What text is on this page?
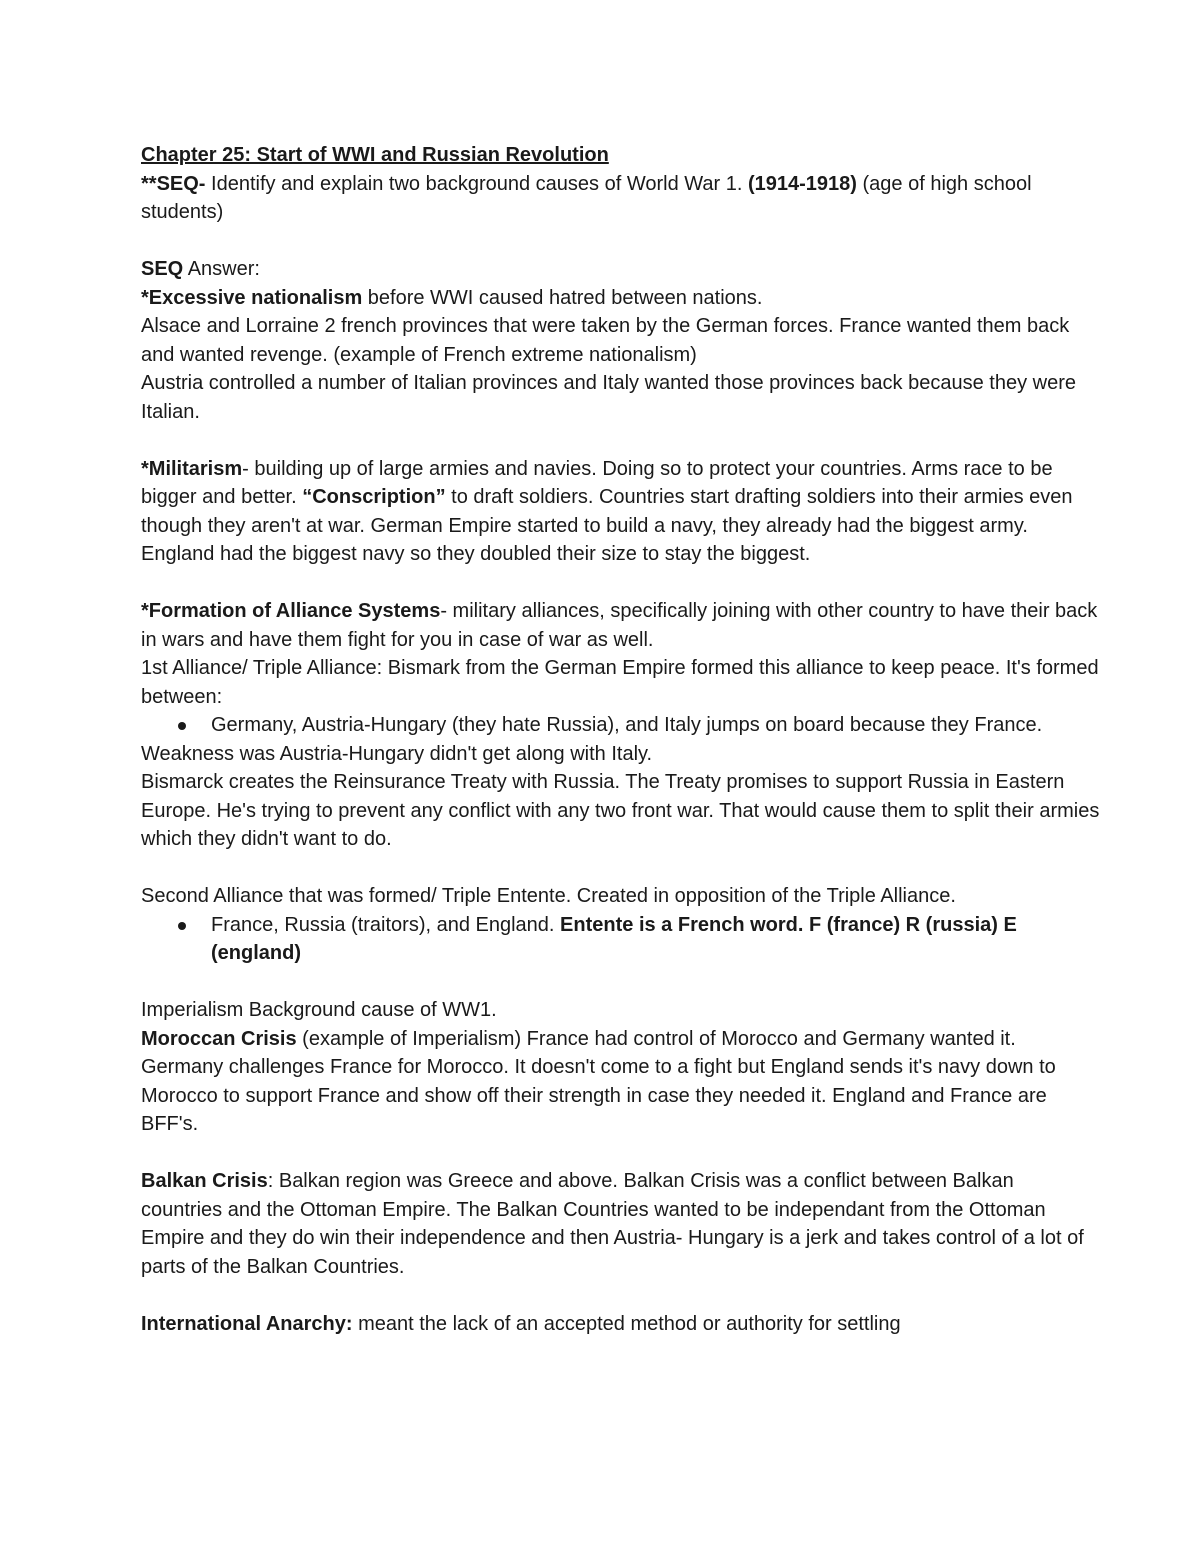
Chapter 25: Start of WWI and Russian Revolution

**SEQ- Identify and explain two background causes of World War 1. (1914-1918) (age of high school students)

SEQ Answer:

*Excessive nationalism before WWI caused hatred between nations.

Alsace and Lorraine 2 french provinces that were taken by the German forces. France wanted them back and wanted revenge. (example of French extreme nationalism)

Austria controlled a number of Italian provinces and Italy wanted those provinces back because they were Italian.

*Militarism- building up of large armies and navies. Doing so to protect your countries. Arms race to be bigger and better. “Conscription” to draft soldiers. Countries start drafting soldiers into their armies even though they aren't at war. German Empire started to build a navy, they already had the biggest army. England had the biggest navy so they doubled their size to stay the biggest.

*Formation of Alliance Systems- military alliances, specifically joining with other country to have their back in wars and have them fight for you in case of war as well.

1st Alliance/ Triple Alliance: Bismark from the German Empire formed this alliance to keep peace. It's formed between:

Germany, Austria-Hungary (they hate Russia), and Italy jumps on board because they France.

Weakness was Austria-Hungary didn't get along with Italy.

Bismarck creates the Reinsurance Treaty with Russia. The Treaty promises to support Russia in Eastern Europe. He's trying to prevent any conflict with any two front war. That would cause them to split their armies which they didn't want to do.

Second Alliance that was formed/ Triple Entente. Created in opposition of the Triple Alliance.

France, Russia (traitors), and England. Entente is a French word. F (france) R (russia) E (england)

Imperialism Background cause of WW1.

Moroccan Crisis (example of Imperialism) France had control of Morocco and Germany wanted it. Germany challenges France for Morocco. It doesn't come to a fight but England sends it's navy down to Morocco to support France and show off their strength in case they needed it. England and France are BFF's.

Balkan Crisis: Balkan region was Greece and above. Balkan Crisis was a conflict between Balkan countries and the Ottoman Empire. The Balkan Countries wanted to be independant from the Ottoman Empire and they do win their independence and then Austria- Hungary is a jerk and takes control of a lot of parts of the Balkan Countries.

International Anarchy: meant the lack of an accepted method or authority for settling
